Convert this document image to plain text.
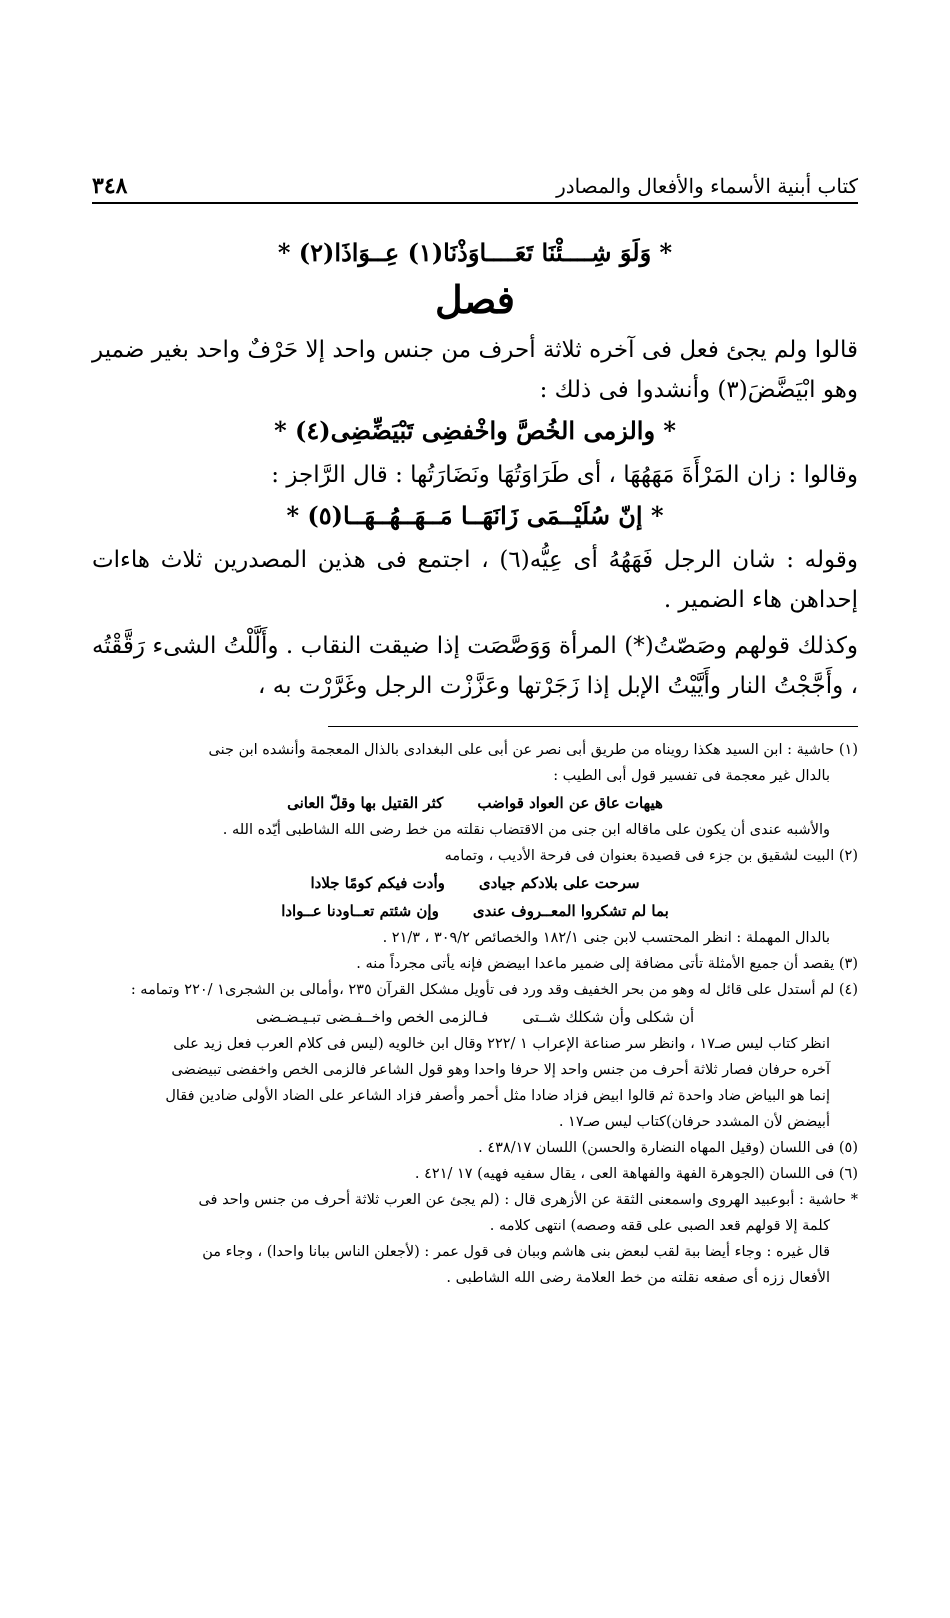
كتاب أبنية الأسماء والأفعال والمصادر
٣٤٨

* وَلَوَ شِــــئْنَا تَعَــــاوَذْنَا(١) عِــوَاذَا(٢) *

فصل

قالوا ولم يجئ فعل فى آخره ثلاثة أحرف من جنس واحد إلا حَرْفٌ واحد بغير ضمير وهو ابْيَضَّضَ(٣) وأنشدوا فى ذلك :

* والزمى الخُصَّ واخْفضِى تَبْيَضِّضِى(٤) *

وقالوا : زان المَرْأَةَ مَهَهُهَا ، أى طَرَاوَتُهَا ونَضَارَتُها : قال الرَّاجز :

* إنّ سُلَيْــمَى زَانَهَــا مَــهَــهُــهَــا(٥) *

وقوله : شان الرجل فَهَهُهُ أى عِيُّه(٦) ، اجتمع فى هذين المصدرين ثلاث هاءات إحداهن هاء الضمير .

وكذلك قولهم وصَصّتُ(*) المرأة وَوَصَّصَت إذا ضيقت النقاب . وأَلَّلْتُ الشىء رَقَّقْتُه ، وأَجَّجْتُ النار وأَيَّيْتُ الإبل إذا زَجَرْتها وعَزَّزْت الرجل وغَرَّرْت به ،

(١) حاشية : ابن السيد هكذا رويناه من طريق أبى نصر عن أبى على البغدادى بالذال المعجمة وأنشده ابن جنى

بالدال غير معجمة فى تفسير قول أبى الطيب :

هيهات عاق عن العواد قواضب
كثر القتيل بها وقلّ العانى

والأشبه عندى أن يكون على ماقاله ابن جنى من الاقتضاب نقلته من خط رضى الله الشاطبى أيّده الله .

(٢) البيت لشقيق بن جزء فى قصيدة بعنوان فى فرحة الأديب ، وتمامه

سرحت على بلادكم جيادى
وأدت فيكم كومًا جلادا
بما لم تشكروا المعــروف عندى
وإن شئتم تعــاودنا عــوادا

بالدال المهملة : انظر المحتسب لابن جنى ١٨٢/١ والخصائص ٣٠٩/٢ ، ٢١/٣ .

(٣) يقصد أن جميع الأمثلة تأتى مضافة إلى ضمير ماعدا ابيضض فإنه يأتى مجرداً منه .

(٤) لم أستدل على قائل له وهو من بحر الخفيف وقد ورد فى تأويل مشكل القرآن ٢٣٥ ،وأمالى بن الشجرى١ /٢٢٠ وتمامه :

أن شكلى وأن شكلك شــتى
فـالزمى الخص واخــفـضى تبـيـضـضى

انظر كتاب ليس صـ١٧ ، وانظر سر صناعة الإعراب ١ /٢٢٢ وقال ابن خالويه (ليس فى كلام العرب فعل زيد على

آخره حرفان فصار ثلاثة أحرف من جنس واحد إلا حرفا واحدا وهو قول الشاعر فالزمى الخص واخفضى تبيضضى

إنما هو البياض ضاد واحدة ثم قالوا ابيض فزاد ضادا مثل أحمر وأصفر فزاد الشاعر على الضاد الأولى ضادين فقال

أبيضض لأن المشدد حرفان)كتاب ليس صـ١٧ .

(٥) فى اللسان (وقيل المهاه النضارة والحسن) اللسان ٤٣٨/١٧ .

(٦) فى اللسان (الجوهرة الفهة والفهاهة العى ، يقال سفيه فهيه) ١٧ /٤٢١ .

* حاشية : أبوعبيد الهروى واسمعنى الثقة عن الأزهرى قال : (لم يجئ عن العرب ثلاثة أحرف من جنس واحد فى

كلمة إلا قولهم قعد الصبى على ققه وصصه) انتهى كلامه .

قال غيره : وجاء أيضا ببة لقب لبعض بنى هاشم وببان فى قول عمر : (لأجعلن الناس ببانا واحدا) ، وجاء من

الأفعال ززه أى صفعه نقلته من خط العلامة رضى الله الشاطبى .
